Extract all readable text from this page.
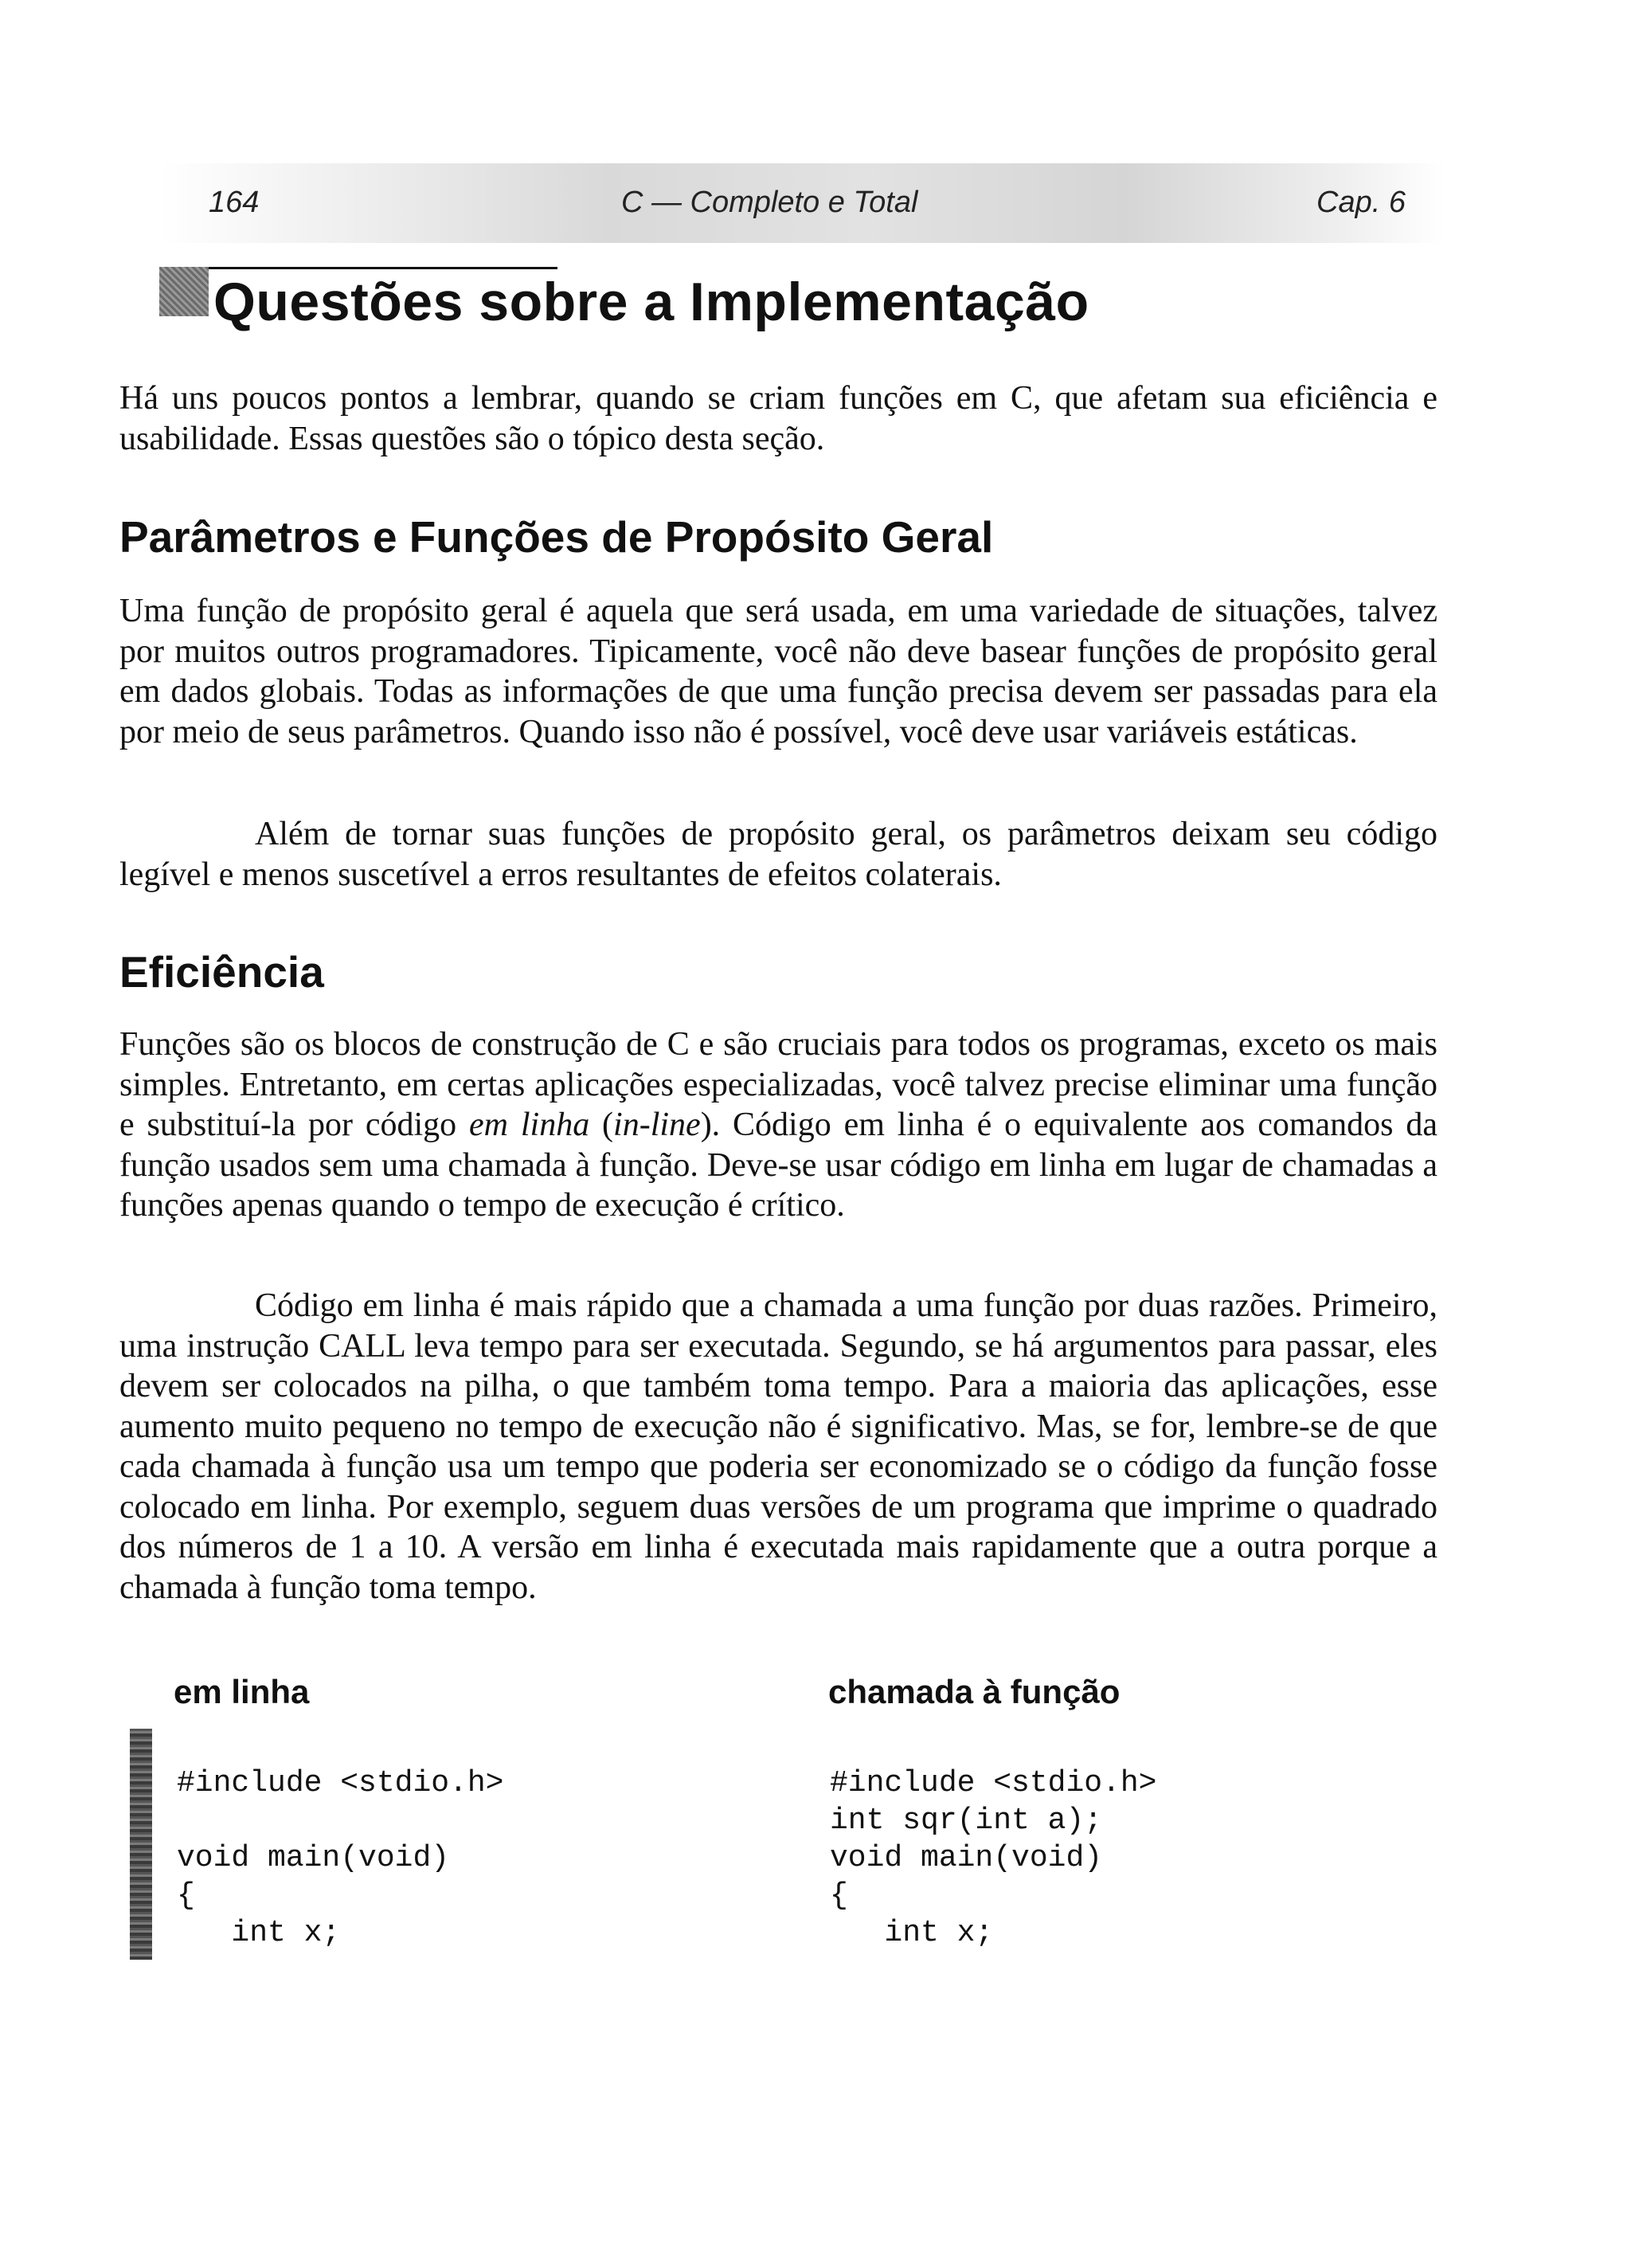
164	C — Completo e Total	Cap. 6
Questões sobre a Implementação

Há uns poucos pontos a lembrar, quando se criam funções em C, que afetam sua eficiência e usabilidade. Essas questões são o tópico desta seção.

Parâmetros e Funções de Propósito Geral

Uma função de propósito geral é aquela que será usada, em uma variedade de situações, talvez por muitos outros programadores. Tipicamente, você não deve basear funções de propósito geral em dados globais. Todas as informações de que uma função precisa devem ser passadas para ela por meio de seus parâmetros. Quando isso não é possível, você deve usar variáveis estáticas.

Além de tornar suas funções de propósito geral, os parâmetros deixam seu código legível e menos suscetível a erros resultantes de efeitos colaterais.

Eficiência

Funções são os blocos de construção de C e são cruciais para todos os programas, exceto os mais simples. Entretanto, em certas aplicações especializadas, você talvez precise eliminar uma função e substituí-la por código em linha (in-line). Código em linha é o equivalente aos comandos da função usados sem uma chamada à função. Deve-se usar código em linha em lugar de chamadas a funções apenas quando o tempo de execução é crítico.

Código em linha é mais rápido que a chamada a uma função por duas razões. Primeiro, uma instrução CALL leva tempo para ser executada. Segundo, se há argumentos para passar, eles devem ser colocados na pilha, o que também toma tempo. Para a maioria das aplicações, esse aumento muito pequeno no tempo de execução não é significativo. Mas, se for, lembre-se de que cada chamada à função usa um tempo que poderia ser economizado se o código da função fosse colocado em linha. Por exemplo, seguem duas versões de um programa que imprime o quadrado dos números de 1 a 10. A versão em linha é executada mais rapidamente que a outra porque a chamada à função toma tempo.

em linha	chamada à função
#include <stdio.h>

void main(void)
{
int x;
#include <stdio.h>
int sqr(int a);
void main(void)
{
int x;
